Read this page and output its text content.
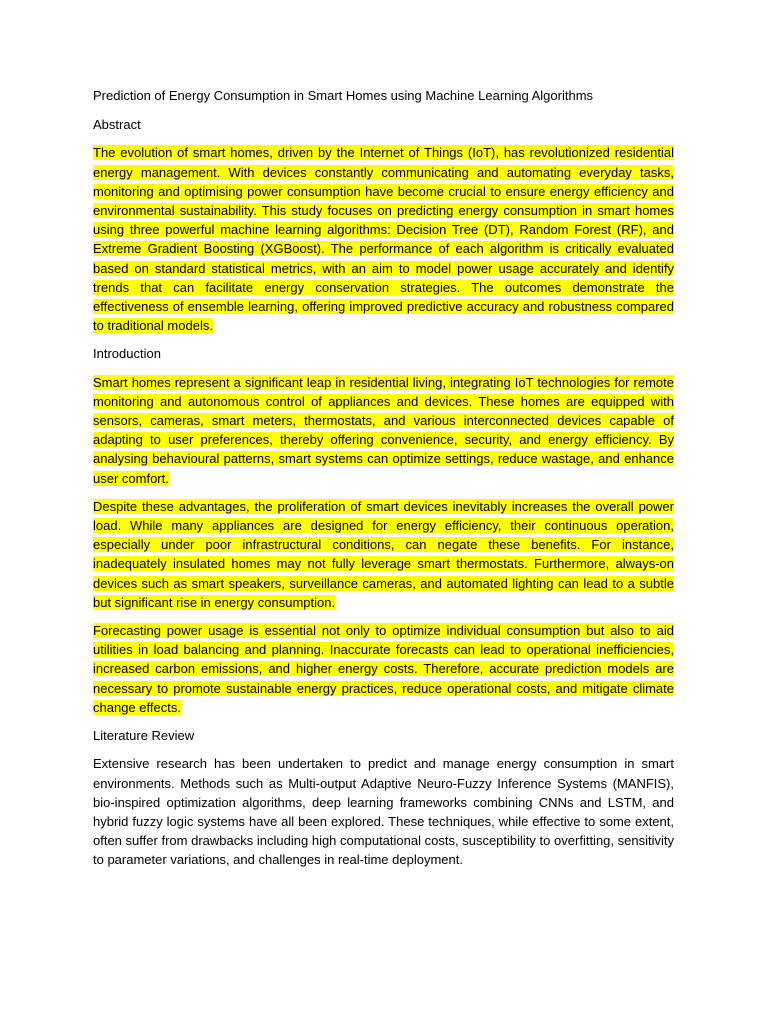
Prediction of Energy Consumption in Smart Homes using Machine Learning Algorithms

Abstract

The evolution of smart homes, driven by the Internet of Things (IoT), has revolutionized residential energy management. With devices constantly communicating and automating everyday tasks, monitoring and optimising power consumption have become crucial to ensure energy efficiency and environmental sustainability. This study focuses on predicting energy consumption in smart homes using three powerful machine learning algorithms: Decision Tree (DT), Random Forest (RF), and Extreme Gradient Boosting (XGBoost). The performance of each algorithm is critically evaluated based on standard statistical metrics, with an aim to model power usage accurately and identify trends that can facilitate energy conservation strategies. The outcomes demonstrate the effectiveness of ensemble learning, offering improved predictive accuracy and robustness compared to traditional models.

Introduction

Smart homes represent a significant leap in residential living, integrating IoT technologies for remote monitoring and autonomous control of appliances and devices. These homes are equipped with sensors, cameras, smart meters, thermostats, and various interconnected devices capable of adapting to user preferences, thereby offering convenience, security, and energy efficiency. By analysing behavioural patterns, smart systems can optimize settings, reduce wastage, and enhance user comfort.

Despite these advantages, the proliferation of smart devices inevitably increases the overall power load. While many appliances are designed for energy efficiency, their continuous operation, especially under poor infrastructural conditions, can negate these benefits. For instance, inadequately insulated homes may not fully leverage smart thermostats. Furthermore, always-on devices such as smart speakers, surveillance cameras, and automated lighting can lead to a subtle but significant rise in energy consumption.

Forecasting power usage is essential not only to optimize individual consumption but also to aid utilities in load balancing and planning. Inaccurate forecasts can lead to operational inefficiencies, increased carbon emissions, and higher energy costs. Therefore, accurate prediction models are necessary to promote sustainable energy practices, reduce operational costs, and mitigate climate change effects.

Literature Review

Extensive research has been undertaken to predict and manage energy consumption in smart environments. Methods such as Multi-output Adaptive Neuro-Fuzzy Inference Systems (MANFIS), bio-inspired optimization algorithms, deep learning frameworks combining CNNs and LSTM, and hybrid fuzzy logic systems have all been explored. These techniques, while effective to some extent, often suffer from drawbacks including high computational costs, susceptibility to overfitting, sensitivity to parameter variations, and challenges in real-time deployment.
